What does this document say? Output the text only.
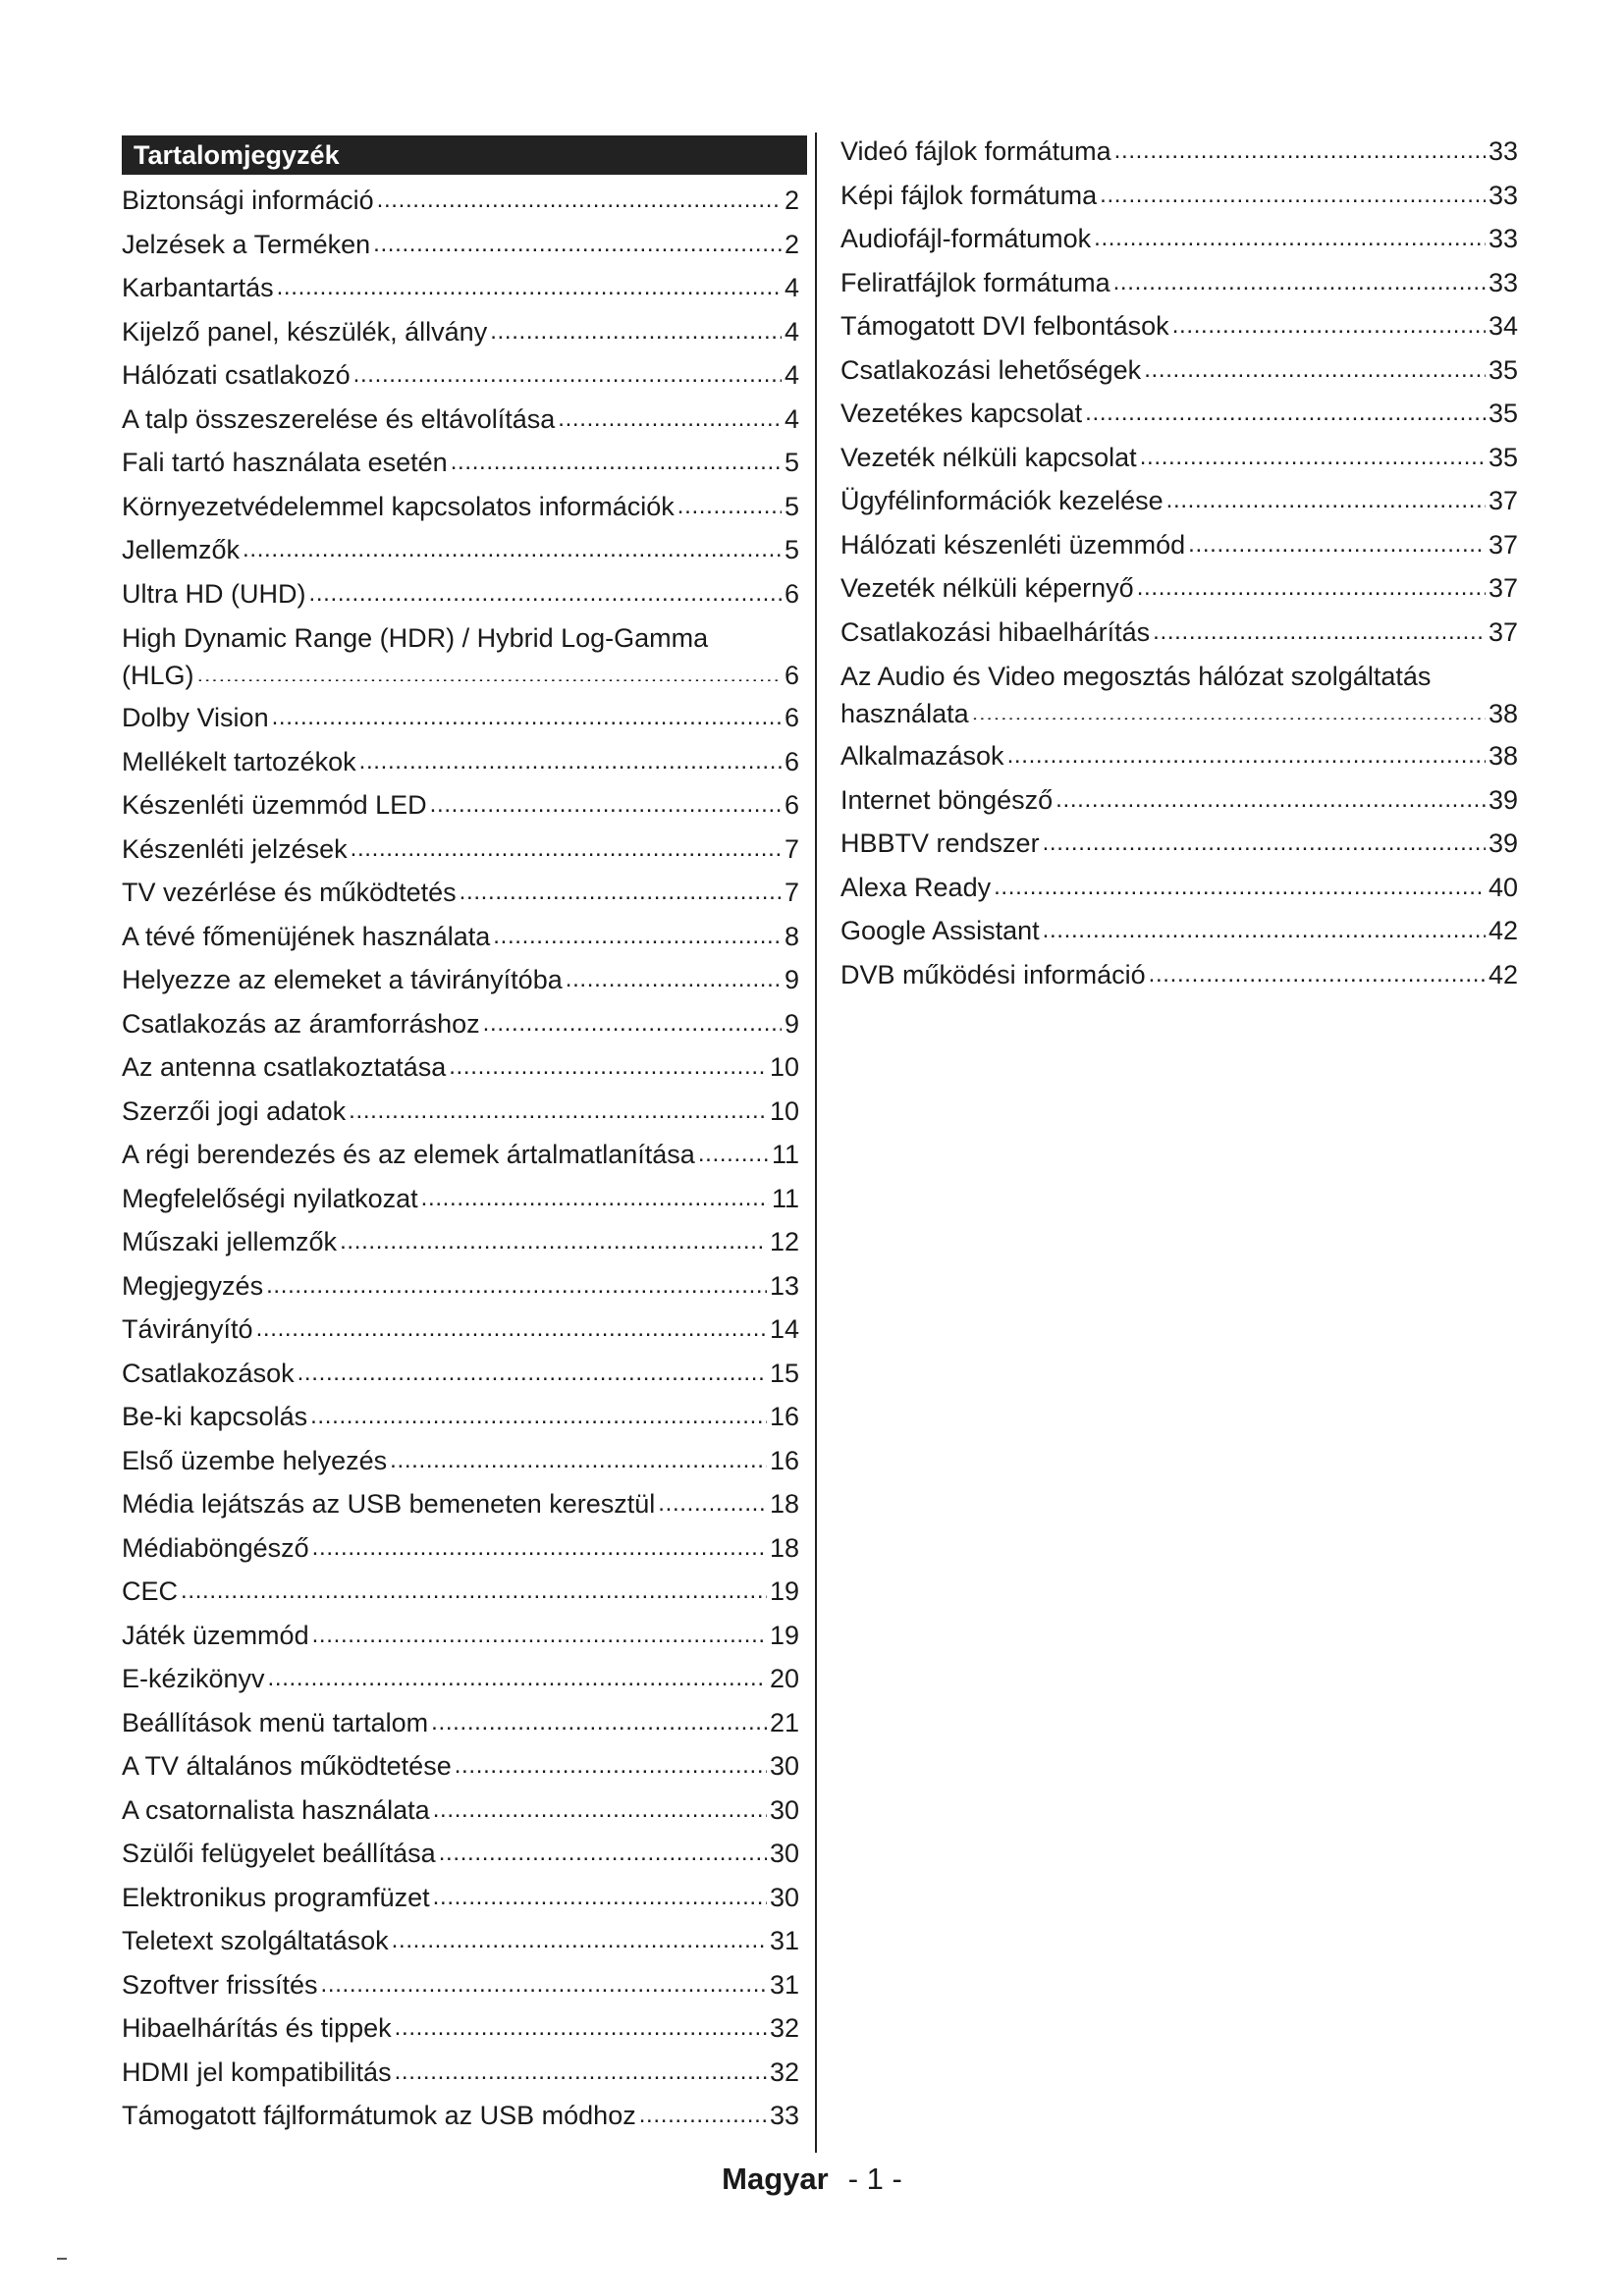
Tartalomjegyzék
Biztonsági információ . . .	2
Jelzések a Terméken . . .	2
Karbantartás . . .	4
Kijelző panel, készülék, állvány . . .	4
Hálózati csatlakozó . . .	4
A talp összeszerelése és eltávolítása . . .	4
Fali tartó használata esetén . . .	5
Környezetvédelemmel kapcsolatos információk . . .	5
Jellemzők . . .	5
Ultra HD (UHD) . . .	6
High Dynamic Range (HDR) / Hybrid Log-Gamma
(HLG) . . .	6
Dolby Vision . . .	6
Mellékelt tartozékok . . .	6
Készenléti üzemmód LED . . .	6
Készenléti jelzések . . .	7
TV vezérlése és működtetés . . .	7
A tévé főmenüjének használata . . .	8
Helyezze az elemeket a távirányítóba . . .	9
Csatlakozás az áramforráshoz . . .	9
Az antenna csatlakoztatása . . .	10
Szerzői jogi adatok . . .	10
A régi berendezés és az elemek ártalmatlanítása . . .	11
Megfelelőségi nyilatkozat . . .	11
Műszaki jellemzők . . .	12
Megjegyzés . . .	13
Távirányító . . .	14
Csatlakozások . . .	15
Be-ki kapcsolás . . .	16
Első üzembe helyezés . . .	16
Média lejátszás az USB bemeneten keresztül . . .	18
Médiaböngésző . . .	18
CEC . . .	19
Játék üzemmód . . .	19
E-kézikönyv . . .	20
Beállítások menü tartalom . . .	21
A TV általános működtetése . . .	30
A csatornalista használata . . .	30
Szülői felügyelet beállítása . . .	30
Elektronikus programfüzet . . .	30
Teletext szolgáltatások . . .	31
Szoftver frissítés . . .	31
Hibaelhárítás és tippek . . .	32
HDMI jel kompatibilitás . . .	32
Támogatott fájlformátumok az USB módhoz . . .	33
Videó fájlok formátuma . . .	33
Képi fájlok formátuma . . .	33
Audiofájl-formátumok . . .	33
Feliratfájlok formátuma . . .	33
Támogatott DVI felbontások . . .	34
Csatlakozási lehetőségek . . .	35
Vezetékes kapcsolat . . .	35
Vezeték nélküli kapcsolat . . .	35
Ügyfélinformációk kezelése . . .	37
Hálózati készenléti üzemmód . . .	37
Vezeték nélküli képernyő . . .	37
Csatlakozási hibaelhárítás . . .	37
Az Audio és Video megosztás hálózat szolgáltatás
használata . . .	38
Alkalmazások . . .	38
Internet böngésző . . .	39
HBBTV rendszer . . .	39
Alexa Ready . . .	40
Google Assistant . . .	42
DVB működési információ . . .	42
Magyar - 1 -
